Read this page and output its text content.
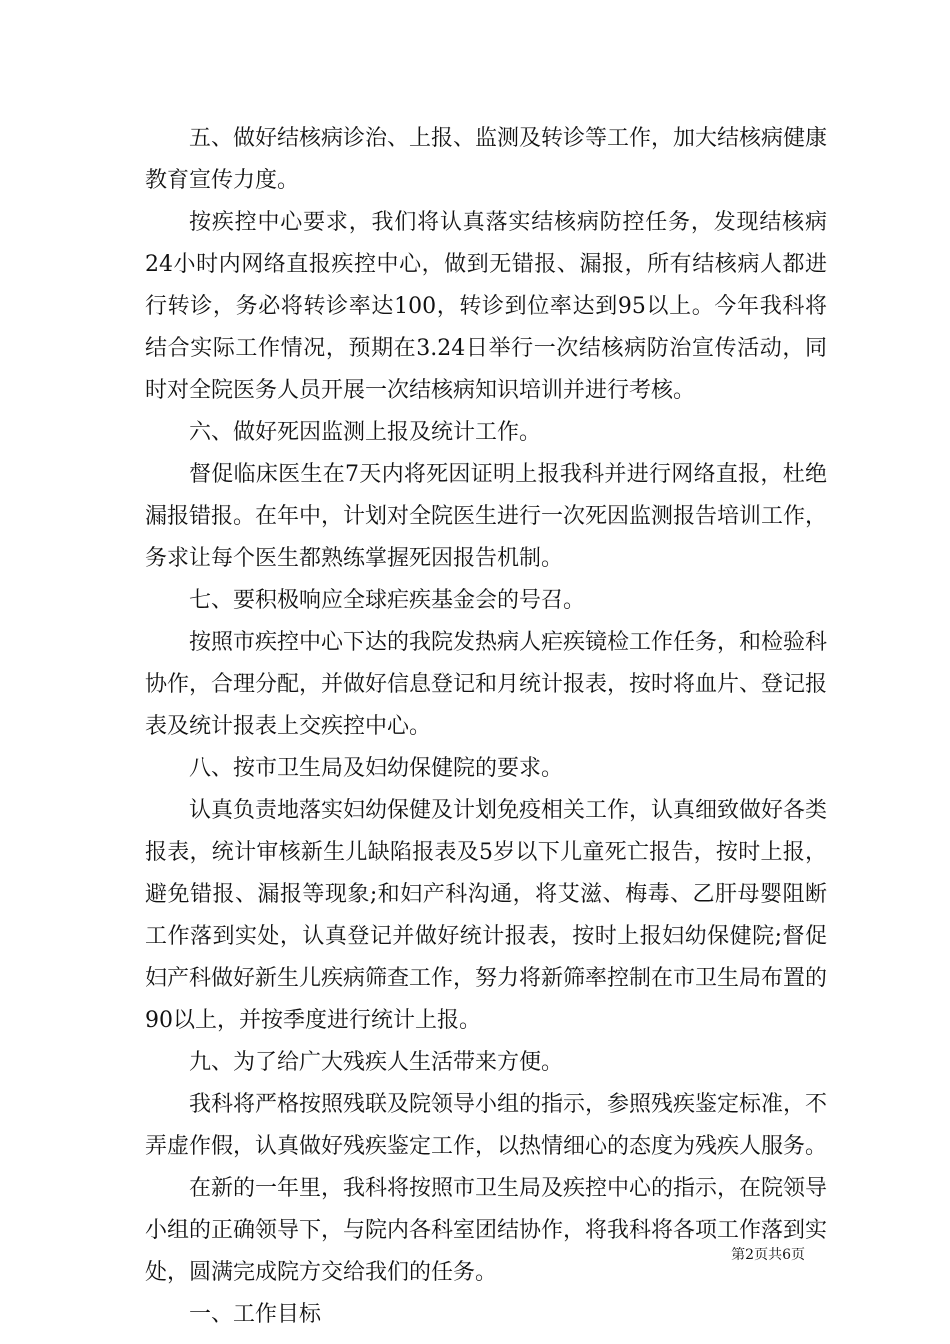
五、做好结核病诊治、上报、监测及转诊等工作，加大结核病健康教育宣传力度。

按疾控中心要求，我们将认真落实结核病防控任务，发现结核病24小时内网络直报疾控中心，做到无错报、漏报，所有结核病人都进行转诊，务必将转诊率达100，转诊到位率达到95以上。今年我科将结合实际工作情况，预期在3.24日举行一次结核病防治宣传活动，同时对全院医务人员开展一次结核病知识培训并进行考核。

六、做好死因监测上报及统计工作。

督促临床医生在7天内将死因证明上报我科并进行网络直报，杜绝漏报错报。在年中，计划对全院医生进行一次死因监测报告培训工作，务求让每个医生都熟练掌握死因报告机制。

七、要积极响应全球疟疾基金会的号召。

按照市疾控中心下达的我院发热病人疟疾镜检工作任务，和检验科协作，合理分配，并做好信息登记和月统计报表，按时将血片、登记报表及统计报表上交疾控中心。

八、按市卫生局及妇幼保健院的要求。

认真负责地落实妇幼保健及计划免疫相关工作，认真细致做好各类报表，统计审核新生儿缺陷报表及5岁以下儿童死亡报告，按时上报，避免错报、漏报等现象;和妇产科沟通，将艾滋、梅毒、乙肝母婴阻断工作落到实处，认真登记并做好统计报表，按时上报妇幼保健院;督促妇产科做好新生儿疾病筛查工作，努力将新筛率控制在市卫生局布置的90以上，并按季度进行统计上报。

九、为了给广大残疾人生活带来方便。

我科将严格按照残联及院领导小组的指示，参照残疾鉴定标准，不弄虚作假，认真做好残疾鉴定工作，以热情细心的态度为残疾人服务。

在新的一年里，我科将按照市卫生局及疾控中心的指示，在院领导小组的正确领导下，与院内各科室团结协作，将我科将各项工作落到实处，圆满完成院方交给我们的任务。

一、工作目标

第2页共6页
